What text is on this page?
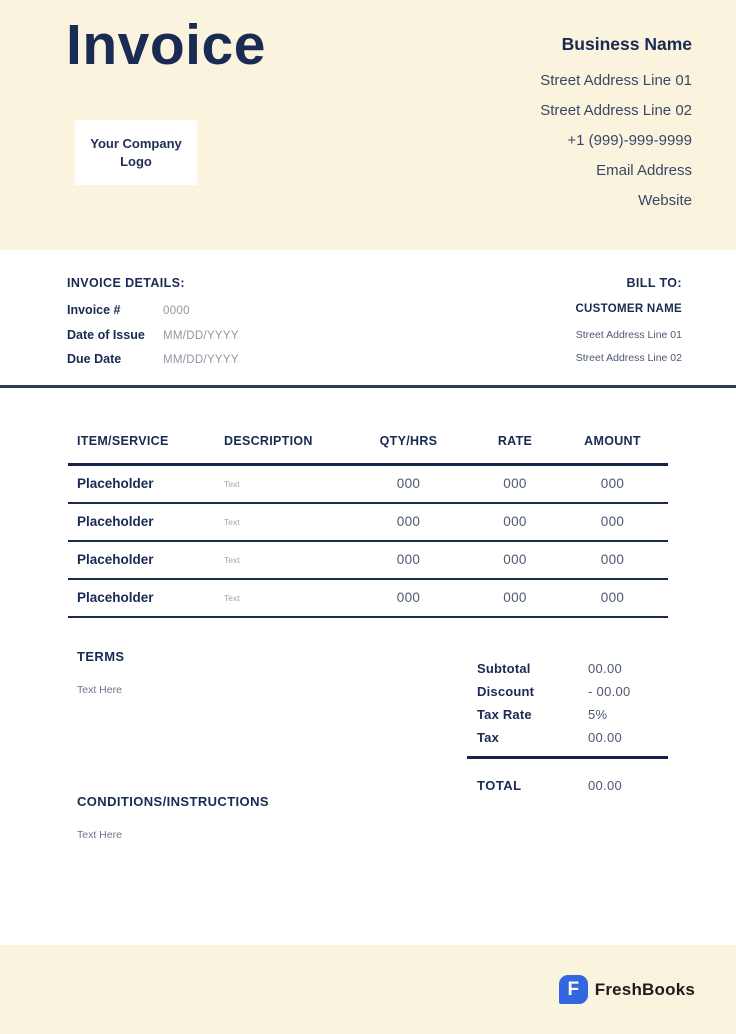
Invoice
Your Company Logo
Business Name
Street Address Line 01
Street Address Line 02
+1 (999)-999-9999
Email Address
Website
INVOICE DETAILS:
Invoice #	0000
Date of Issue MM/DD/YYYY
Due Date	MM/DD/YYYY
BILL TO:
CUSTOMER NAME
Street Address Line 01
Street Address Line 02
ITEM/SERVICE	DESCRIPTION	QTY/HRS	RATE	AMOUNT
Placeholder	Text	000	000	000
Placeholder	Text	000	000	000
Placeholder	Text	000	000	000
Placeholder	Text	000	000	000
TERMS
Text Here
Subtotal	00.00
Discount	- 00.00
Tax Rate	5%
Tax	00.00
TOTAL	00.00
CONDITIONS/INSTRUCTIONS
Text Here
F FreshBooks
